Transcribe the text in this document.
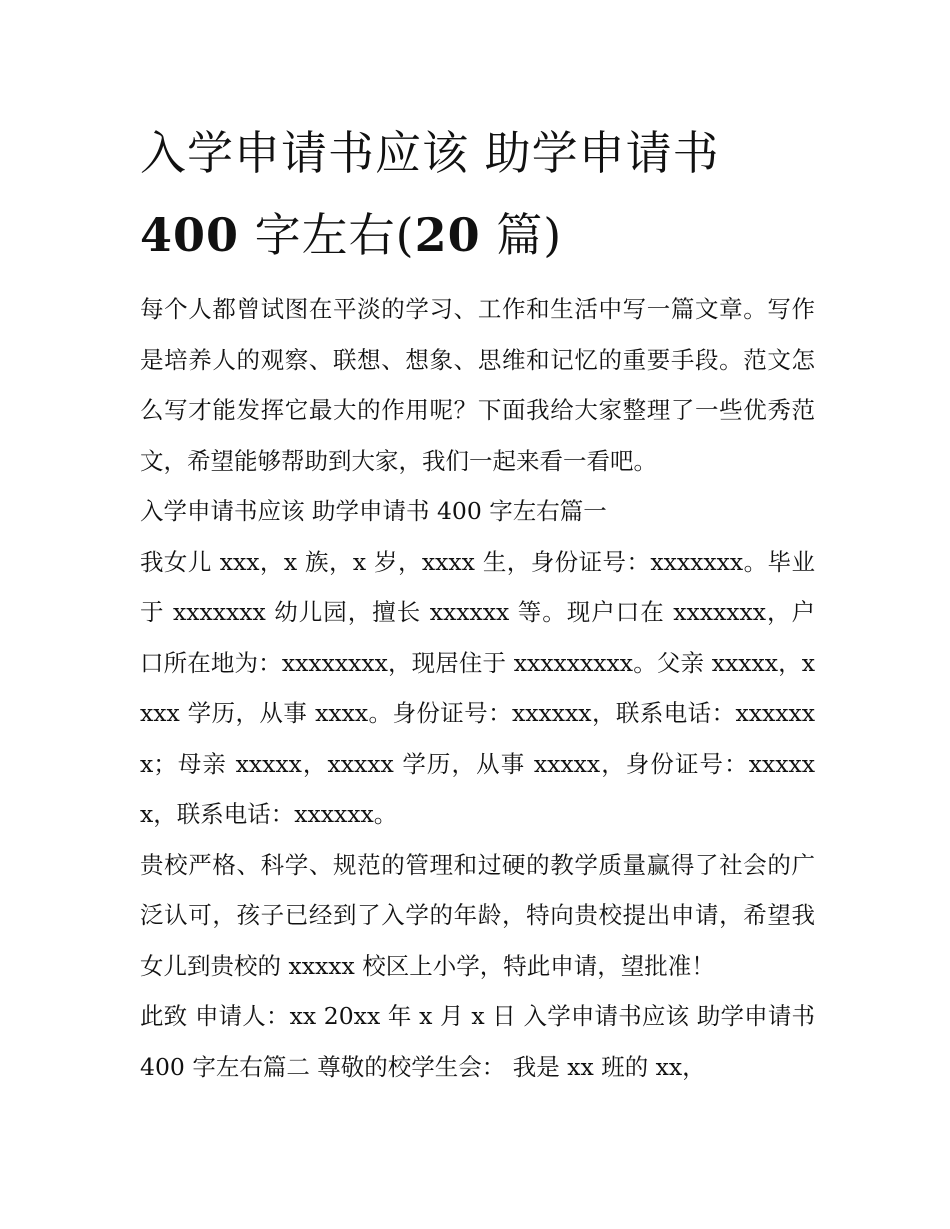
入学申请书应该 助学申请书
400 字左右(20 篇)

每个人都曾试图在平淡的学习、工作和生活中写一篇文章。写作是培养人的观察、联想、想象、思维和记忆的重要手段。范文怎么写才能发挥它最大的作用呢？下面我给大家整理了一些优秀范文，希望能够帮助到大家，我们一起来看一看吧。

入学申请书应该 助学申请书 400 字左右篇一

我女儿 xxx，x 族，x 岁，xxxx 生，身份证号：xxxxxxx。毕业于 xxxxxxx 幼儿园，擅长 xxxxxx 等。现户口在 xxxxxxx，户口所在地为：xxxxxxxx，现居住于 xxxxxxxxx。父亲 xxxxx，xxxx 学历，从事 xxxx。身份证号：xxxxxx，联系电话：xxxxxxx；母亲 xxxxx，xxxxx 学历，从事 xxxxx，身份证号：xxxxxx，联系电话：xxxxxx。

贵校严格、科学、规范的管理和过硬的教学质量赢得了社会的广泛认可，孩子已经到了入学的年龄，特向贵校提出申请，希望我女儿到贵校的 xxxxx 校区上小学，特此申请，望批准！

此致 申请人：xx 20xx 年 x 月 x 日 入学申请书应该 助学申请书 400 字左右篇二 尊敬的校学生会： 我是 xx 班的 xx，
